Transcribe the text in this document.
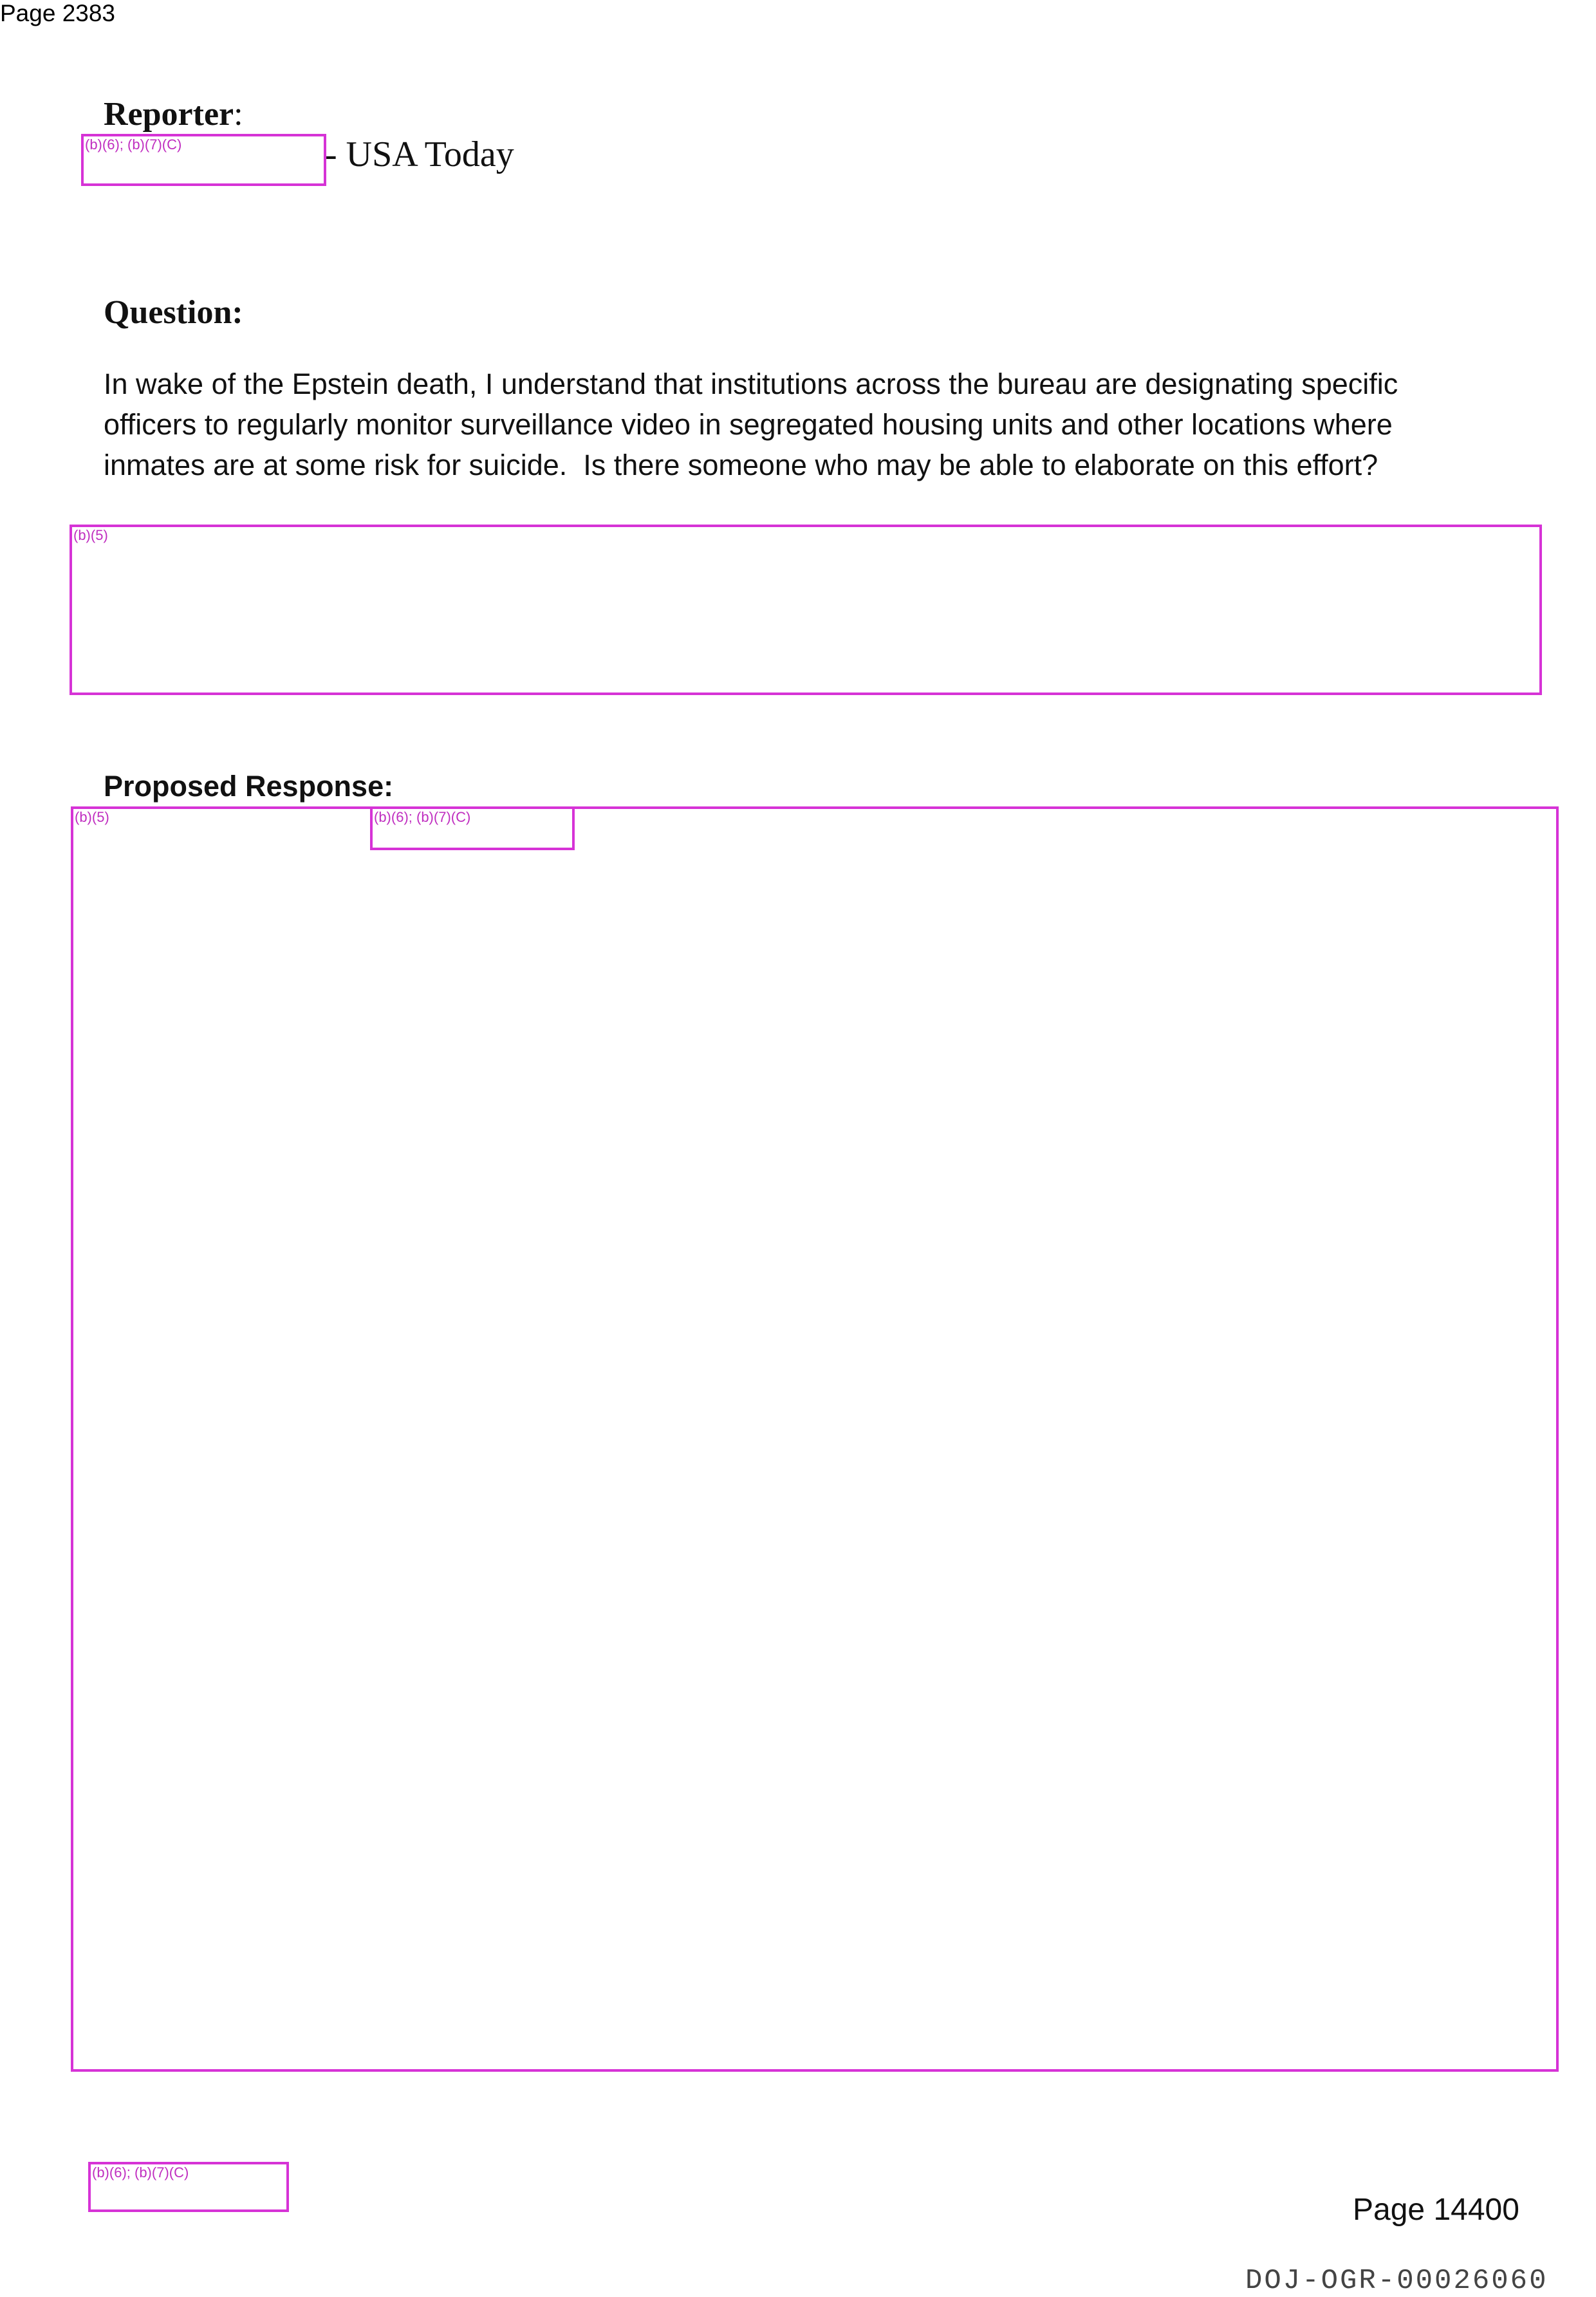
Page 2383
Reporter:
(b)(6); (b)(7)(C)	- USA Today
Question:
In wake of the Epstein death, I understand that institutions across the bureau are designating specific
officers to regularly monitor surveillance video in segregated housing units and other locations where
inmates are at some risk for suicide.  Is there someone who may be able to elaborate on this effort?
(b)(5)
Proposed Response:
(b)(5)	(b)(6); (b)(7)(C)
(b)(6); (b)(7)(C)
Page 14400
DOJ-OGR-00026060
